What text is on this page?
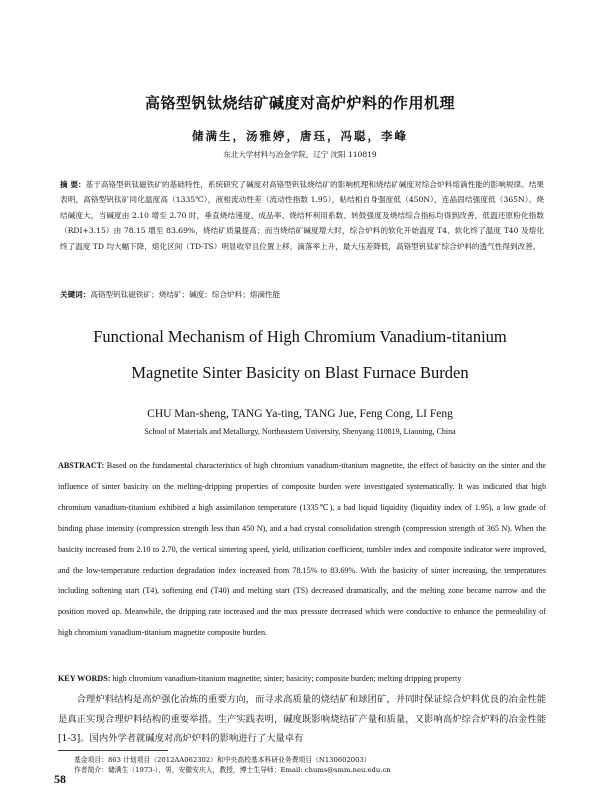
高铬型钒钛烧结矿碱度对高炉炉料的作用机理
储满生，汤雅婷，唐珏，冯聪，李峰
东北大学材料与冶金学院，辽宁 沈阳 110819
摘 要：基于高铬型钒钛磁铁矿的基础特性，系统研究了碱度对高铬型钒钛烧结矿的影响机理和烧结矿碱度对综合炉料熔滴性能的影响规律。结果表明，高铬型钒钛矿同化温度高（1335℃），液相流动性差（流动性指数 1.95），粘结相自身强度低（450N），连晶固结强度低（365N）。烧结碱度大，当碱度由 2.10 增至 2.70 时，垂直烧结速度、成品率、烧结杯利用系数、转鼓强度及烧结综合指标均得到改善，低温还原粉化指数（RDI+3.15）由 78.15 增至 83.69%，烧结矿质量提高；而当烧结矿碱度增大时，综合炉料的软化开始温度 T4、软化终了温度 T40 及熔化终了温度 TD 均大幅下降，熔化区间（TD-TS）明显收窄且位置上移，滴落率上升，最大压差降低，高铬型钒钛矿综合炉料的透气性得到改善。
关键词：高铬型钒钛磁铁矿；烧结矿；碱度；综合炉料；熔滴性能
Functional Mechanism of High Chromium Vanadium-titanium
Magnetite Sinter Basicity on Blast Furnace Burden
CHU Man-sheng, TANG Ya-ting, TANG Jue, Feng Cong, LI Feng
School of Materials and Metallurgy, Northeastern University, Shenyang 110819, Liaoning, China
ABSTRACT: Based on the fundamental characteristics of high chromium vanadium-titanium magnetite, the effect of basicity on the sinter and the influence of sinter basicity on the melting-dripping properties of composite burden were investigated systematically. It was indicated that high chromium vanadium-titanium exhibited a high assimilation temperature (1335℃), a bad liquid liquidity (liquidity index of 1.95), a low grade of binding phase intensity (compression strength less than 450 N), and a bad crystal consolidation strength (compression strength of 365 N). When the basicity increased from 2.10 to 2.70, the vertical sintering speed, yield, utilization coefficient, tumbler index and composite indicator were improved, and the low-temperature reduction degradation index increased from 78.15% to 83.69%. With the basicity of sinter increasing, the temperatures including softening start (T4), softening end (T40) and melting start (TS) decreased dramatically, and the melting zone became narrow and the position moved up. Meanwhile, the dripping rate increased and the max pressure decreased which were conductive to enhance the permeability of high chromium vanadium-titanium magnetite composite burden.
KEY WORDS: high chromium vanadium-titanium magnetite; sinter; basicity; composite burden; melting dripping property
合理炉料结构是高炉强化冶炼的重要方向，而寻求高质量的烧结矿和球团矿，并同时保证综合炉料优良的冶金性能是真正实现合理炉料结构的重要举措。生产实践表明，碱度既影响烧结矿产量和质量，又影响高炉综合炉料的冶金性能[1-3]。国内外学者就碱度对高炉炉料的影响进行了大量卓有
基金项目：863 计划项目（2012AA062302）和中央高校基本科研业务费项目（N130602003）
作者简介：储满生（1973-），男，安徽安庆人，教授，博士生导师；Email: chums@smm.neu.edu.cn
58
